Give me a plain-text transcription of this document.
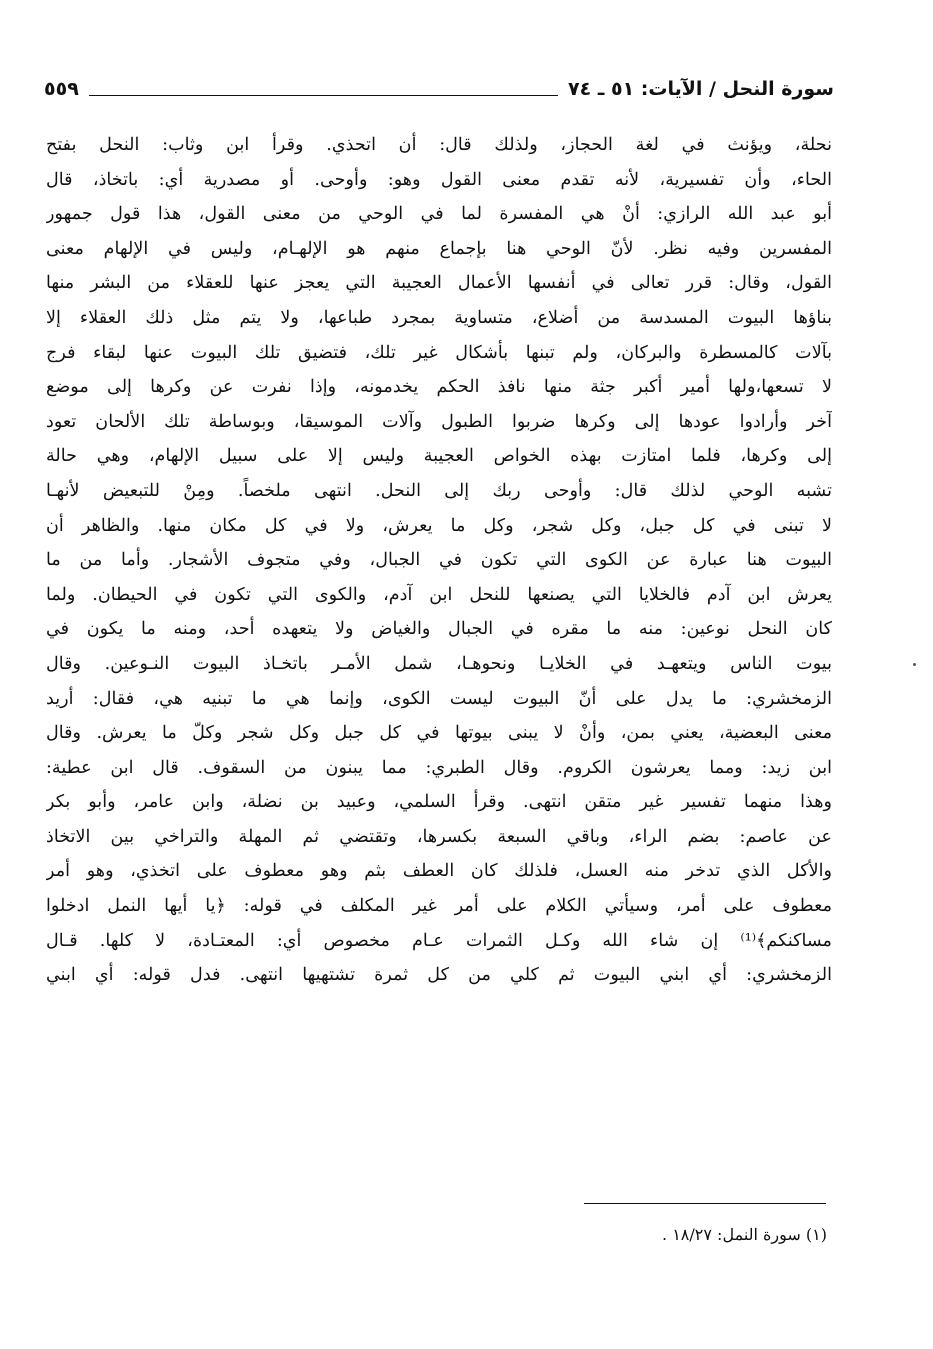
سورة النحل / الآيات: ٥١ ـ ٧٤
٥٥٩
نحلة، ويؤنث في لغة الحجاز، ولذلك قال: أن اتحذي. وقرأ ابن وثاب: النحل بفتح
الحاء، وأن تفسيرية، لأنه تقدم معنى القول وهو: وأوحى. أو مصدرية أي: باتخاذ، قال
أبو عبد الله الرازي: أنْ هي المفسرة لما في الوحي من معنى القول، هذا قول جمهور
المفسرين وفيه نظر. لأنّ الوحي هنا بإجماع منهم هو الإلهـام، وليس في الإلهام معنى
القول، وقال: قرر تعالى في أنفسها الأعمال العجيبة التي يعجز عنها للعقلاء من البشر منها
بناؤها البيوت المسدسة من أضلاع، متساوية بمجرد طباعها، ولا يتم مثل ذلك العقلاء إلا
بآلات كالمسطرة والبركان، ولم تبنها بأشكال غير تلك، فتضيق تلك البيوت عنها لبقاء فرج
لا تسعها،ولها أمير أكبر جثة منها نافذ الحكم يخدمونه، وإذا نفرت عن وكرها إلى موضع
آخر وأرادوا عودها إلى وكرها ضربوا الطبول وآلات الموسيقا، وبوساطة تلك الألحان تعود
إلى وكرها، فلما امتازت بهذه الخواص العجيبة وليس إلا على سبيل الإلهام، وهي حالة
تشبه الوحي لذلك قال: وأوحى ربك إلى النحل. انتهى ملخصاً. ومِنْ للتبعيض لأنهـا
لا تبنى في كل جبل، وكل شجر، وكل ما يعرش، ولا في كل مكان منها. والظاهر أن
البيوت هنا عبارة عن الكوى التي تكون في الجبال، وفي متجوف الأشجار. وأما من ما
يعرش ابن آدم فالخلايا التي يصنعها للنحل ابن آدم، والكوى التي تكون في الحيطان. ولما
كان النحل نوعين: منه ما مقره في الجبال والغياض ولا يتعهده أحد، ومنه ما يكون في
بيوت الناس ويتعهـد في الخلايـا ونحوهـا، شمل الأمـر باتخـاذ البيوت النـوعين. وقال
الزمخشري: ما يدل على أنّ البيوت ليست الكوى، وإنما هي ما تبنيه هي، فقال: أريد
معنى البعضية، يعني بمن، وأنْ لا يبنى بيوتها في كل جبل وكل شجر وكلّ ما يعرش. وقال
ابن زيد: ومما يعرشون الكروم. وقال الطبري: مما يبنون من السقوف. قال ابن عطية:
وهذا منهما تفسير غير متقن انتهى. وقرأ السلمي، وعبيد بن نضلة، وابن عامر، وأبو بكر
عن عاصم: بضم الراء، وباقي السبعة بكسرها، وتقتضي ثم المهلة والتراخي بين الاتخاذ
والأكل الذي تدخر منه العسل، فلذلك كان العطف بثم وهو معطوف على اتخذي، وهو أمر
معطوف على أمر، وسيأتي الكلام على أمر غير المكلف في قوله: ﴿يا أيها النمل ادخلوا
مساكنكم﴾⁽¹⁾ إن شاء الله وكـل الثمرات عـام مخصوص أي: المعتـادة، لا كلها. قـال
الزمخشري: أي ابني البيوت ثم كلي من كل ثمرة تشتهيها انتهى. فدل قوله: أي ابني
(١) سورة النمل: ١٨/٢٧ .
